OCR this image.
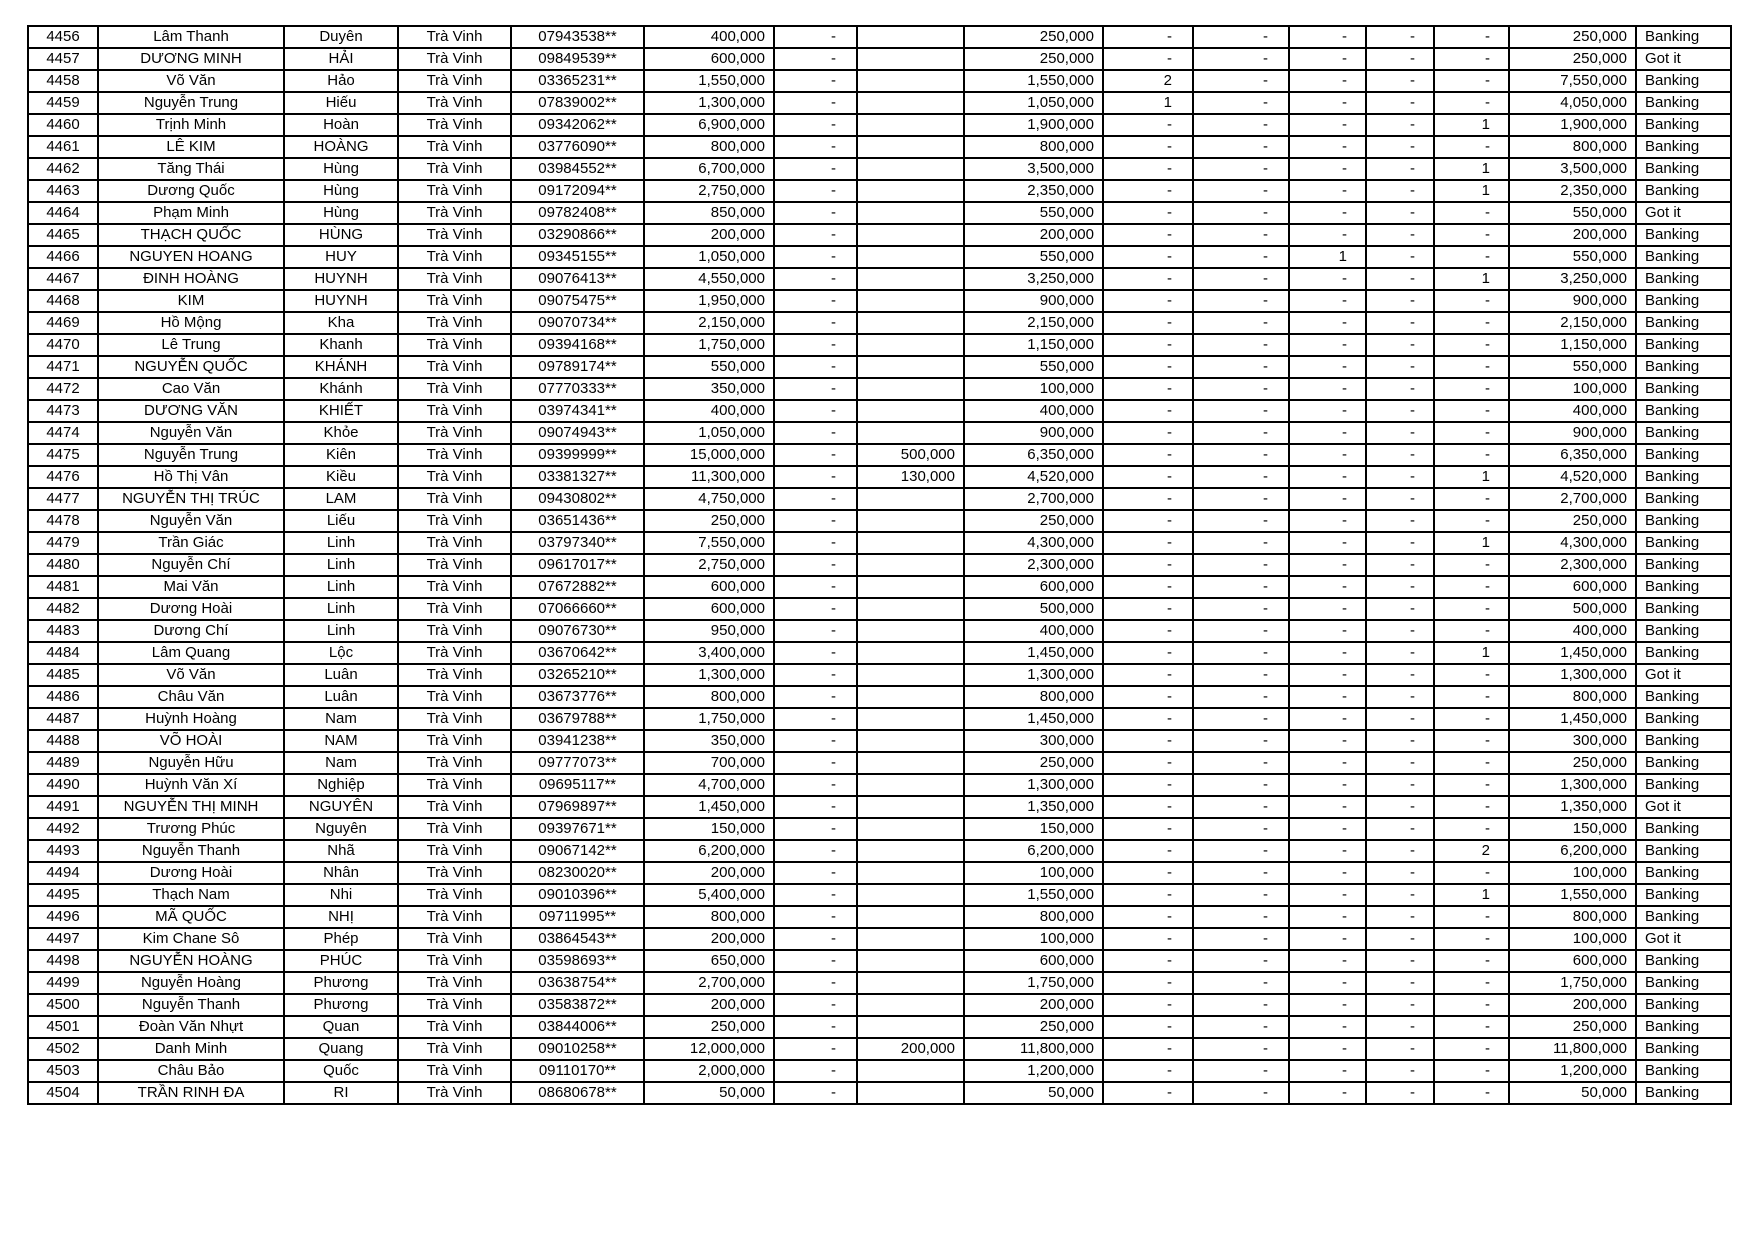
4456	Lâm Thanh	Duyên	Trà Vinh	07943538**	400,000	-		250,000	-	-	-	-	-	250,000	Banking
4457	DƯƠNG MINH	HẢI	Trà Vinh	09849539**	600,000	-		250,000	-	-	-	-	-	250,000	Got it
4458	Võ Văn	Hảo	Trà Vinh	03365231**	1,550,000	-		1,550,000	2	-	-	-	-	7,550,000	Banking
4459	Nguyễn Trung	Hiếu	Trà Vinh	07839002**	1,300,000	-		1,050,000	1	-	-	-	-	4,050,000	Banking
4460	Trịnh Minh	Hoàn	Trà Vinh	09342062**	6,900,000	-		1,900,000	-	-	-	-	1	1,900,000	Banking
4461	LÊ KIM	HOÀNG	Trà Vinh	03776090**	800,000	-		800,000	-	-	-	-	-	800,000	Banking
4462	Tăng Thái	Hùng	Trà Vinh	03984552**	6,700,000	-		3,500,000	-	-	-	-	1	3,500,000	Banking
4463	Dương Quốc	Hùng	Trà Vinh	09172094**	2,750,000	-		2,350,000	-	-	-	-	1	2,350,000	Banking
4464	Phạm Minh	Hùng	Trà Vinh	09782408**	850,000	-		550,000	-	-	-	-	-	550,000	Got it
4465	THẠCH QUỐC	HÙNG	Trà Vinh	03290866**	200,000	-		200,000	-	-	-	-	-	200,000	Banking
4466	NGUYEN HOANG	HUY	Trà Vinh	09345155**	1,050,000	-		550,000	-	-	1	-	-	550,000	Banking
4467	ĐINH HOÀNG	HUYNH	Trà Vinh	09076413**	4,550,000	-		3,250,000	-	-	-	-	1	3,250,000	Banking
4468	KIM	HUYNH	Trà Vinh	09075475**	1,950,000	-		900,000	-	-	-	-	-	900,000	Banking
4469	Hồ Mộng	Kha	Trà Vinh	09070734**	2,150,000	-		2,150,000	-	-	-	-	-	2,150,000	Banking
4470	Lê Trung	Khanh	Trà Vinh	09394168**	1,750,000	-		1,150,000	-	-	-	-	-	1,150,000	Banking
4471	NGUYỄN QUỐC	KHÁNH	Trà Vinh	09789174**	550,000	-		550,000	-	-	-	-	-	550,000	Banking
4472	Cao Văn	Khánh	Trà Vinh	07770333**	350,000	-		100,000	-	-	-	-	-	100,000	Banking
4473	DƯƠNG VĂN	KHIẾT	Trà Vinh	03974341**	400,000	-		400,000	-	-	-	-	-	400,000	Banking
4474	Nguyễn Văn	Khỏe	Trà Vinh	09074943**	1,050,000	-		900,000	-	-	-	-	-	900,000	Banking
4475	Nguyễn Trung	Kiên	Trà Vinh	09399999**	15,000,000	-	500,000	6,350,000	-	-	-	-	-	6,350,000	Banking
4476	Hồ Thị Vân	Kiều	Trà Vinh	03381327**	11,300,000	-	130,000	4,520,000	-	-	-	-	1	4,520,000	Banking
4477	NGUYỄN THỊ TRÚC	LAM	Trà Vinh	09430802**	4,750,000	-		2,700,000	-	-	-	-	-	2,700,000	Banking
4478	Nguyễn Văn	Liếu	Trà Vinh	03651436**	250,000	-		250,000	-	-	-	-	-	250,000	Banking
4479	Trần Giác	Linh	Trà Vinh	03797340**	7,550,000	-		4,300,000	-	-	-	-	1	4,300,000	Banking
4480	Nguyễn Chí	Linh	Trà Vinh	09617017**	2,750,000	-		2,300,000	-	-	-	-	-	2,300,000	Banking
4481	Mai Văn	Linh	Trà Vinh	07672882**	600,000	-		600,000	-	-	-	-	-	600,000	Banking
4482	Dương Hoài	Linh	Trà Vinh	07066660**	600,000	-		500,000	-	-	-	-	-	500,000	Banking
4483	Dương Chí	Linh	Trà Vinh	09076730**	950,000	-		400,000	-	-	-	-	-	400,000	Banking
4484	Lâm Quang	Lộc	Trà Vinh	03670642**	3,400,000	-		1,450,000	-	-	-	-	1	1,450,000	Banking
4485	Võ Văn	Luân	Trà Vinh	03265210**	1,300,000	-		1,300,000	-	-	-	-	-	1,300,000	Got it
4486	Châu Văn	Luân	Trà Vinh	03673776**	800,000	-		800,000	-	-	-	-	-	800,000	Banking
4487	Huỳnh Hoàng	Nam	Trà Vinh	03679788**	1,750,000	-		1,450,000	-	-	-	-	-	1,450,000	Banking
4488	VÕ HOÀI	NAM	Trà Vinh	03941238**	350,000	-		300,000	-	-	-	-	-	300,000	Banking
4489	Nguyễn Hữu	Nam	Trà Vinh	09777073**	700,000	-		250,000	-	-	-	-	-	250,000	Banking
4490	Huỳnh Văn Xí	Nghiệp	Trà Vinh	09695117**	4,700,000	-		1,300,000	-	-	-	-	-	1,300,000	Banking
4491	NGUYỄN THỊ MINH	NGUYÊN	Trà Vinh	07969897**	1,450,000	-		1,350,000	-	-	-	-	-	1,350,000	Got it
4492	Trương Phúc	Nguyên	Trà Vinh	09397671**	150,000	-		150,000	-	-	-	-	-	150,000	Banking
4493	Nguyễn Thanh	Nhã	Trà Vinh	09067142**	6,200,000	-		6,200,000	-	-	-	-	2	6,200,000	Banking
4494	Dương Hoài	Nhân	Trà Vinh	08230020**	200,000	-		100,000	-	-	-	-	-	100,000	Banking
4495	Thạch Nam	Nhi	Trà Vinh	09010396**	5,400,000	-		1,550,000	-	-	-	-	1	1,550,000	Banking
4496	MÃ QUỐC	NHỊ	Trà Vinh	09711995**	800,000	-		800,000	-	-	-	-	-	800,000	Banking
4497	Kim Chane Sô	Phép	Trà Vinh	03864543**	200,000	-		100,000	-	-	-	-	-	100,000	Got it
4498	NGUYỄN HOÀNG	PHÚC	Trà Vinh	03598693**	650,000	-		600,000	-	-	-	-	-	600,000	Banking
4499	Nguyễn Hoàng	Phương	Trà Vinh	03638754**	2,700,000	-		1,750,000	-	-	-	-	-	1,750,000	Banking
4500	Nguyễn Thanh	Phương	Trà Vinh	03583872**	200,000	-		200,000	-	-	-	-	-	200,000	Banking
4501	Đoàn Văn Nhựt	Quan	Trà Vinh	03844006**	250,000	-		250,000	-	-	-	-	-	250,000	Banking
4502	Danh Minh	Quang	Trà Vinh	09010258**	12,000,000	-	200,000	11,800,000	-	-	-	-	-	11,800,000	Banking
4503	Châu Bảo	Quốc	Trà Vinh	09110170**	2,000,000	-		1,200,000	-	-	-	-	-	1,200,000	Banking
4504	TRẦN RINH ĐA	RI	Trà Vinh	08680678**	50,000	-		50,000	-	-	-	-	-	50,000	Banking
